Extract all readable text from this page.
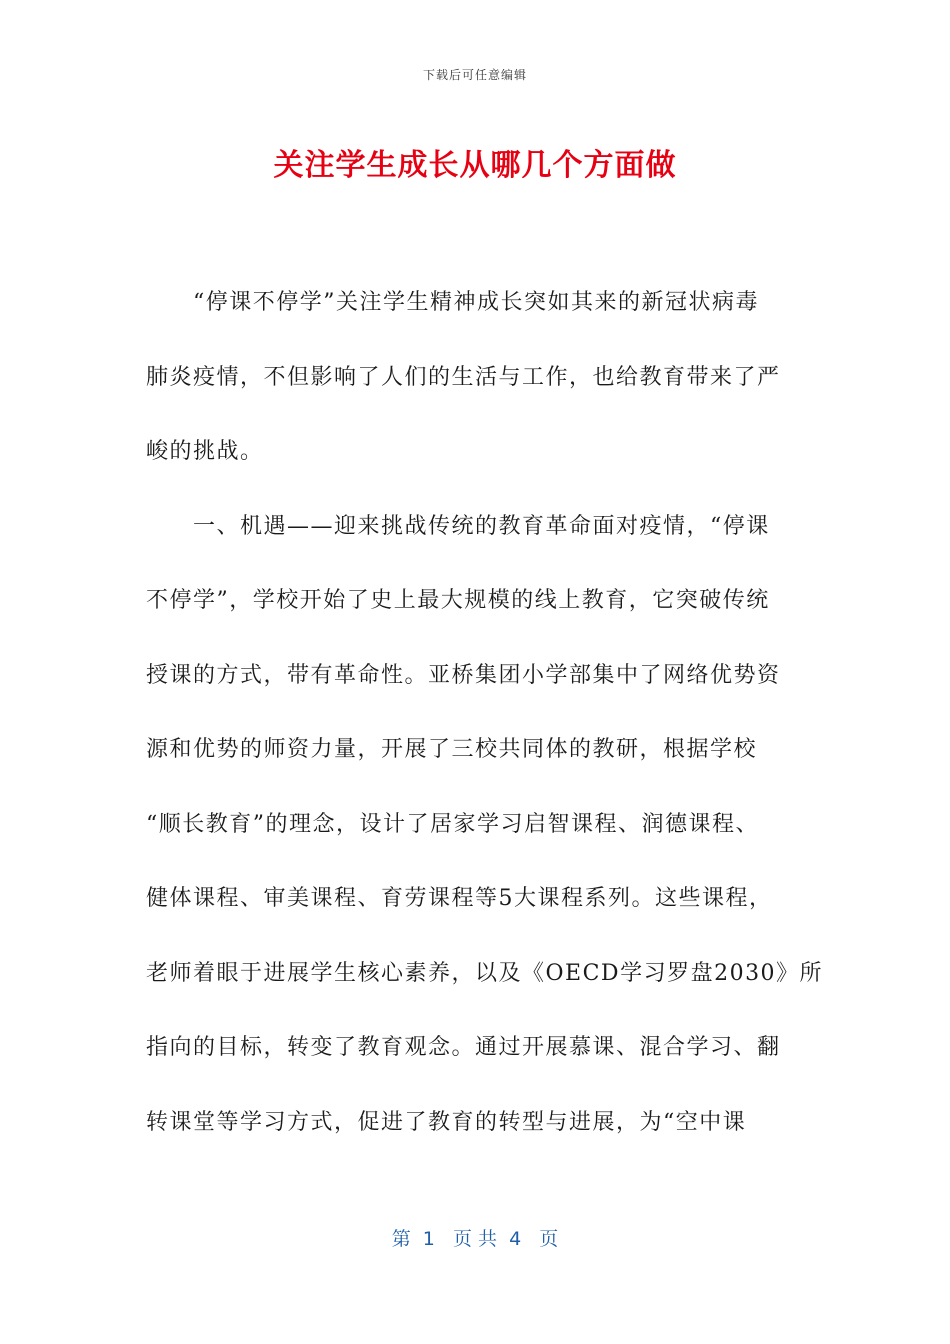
下载后可任意编辑
关注学生成长从哪几个方面做
　　“停课不停学”关注学生精神成长突如其来的新冠状病毒
肺炎疫情，不但影响了人们的生活与工作，也给教育带来了严
峻的挑战。
　　一、机遇——迎来挑战传统的教育革命面对疫情，“停课
不停学”，学校开始了史上最大规模的线上教育，它突破传统
授课的方式，带有革命性。亚桥集团小学部集中了网络优势资
源和优势的师资力量，开展了三校共同体的教研，根据学校
“顺长教育”的理念，设计了居家学习启智课程、润德课程、
健体课程、审美课程、育劳课程等5大课程系列。这些课程，
老师着眼于进展学生核心素养，以及《OECD学习罗盘2030》所
指向的目标，转变了教育观念。通过开展慕课、混合学习、翻
转课堂等学习方式，促进了教育的转型与进展，为“空中课
第  1   页 共  4   页
